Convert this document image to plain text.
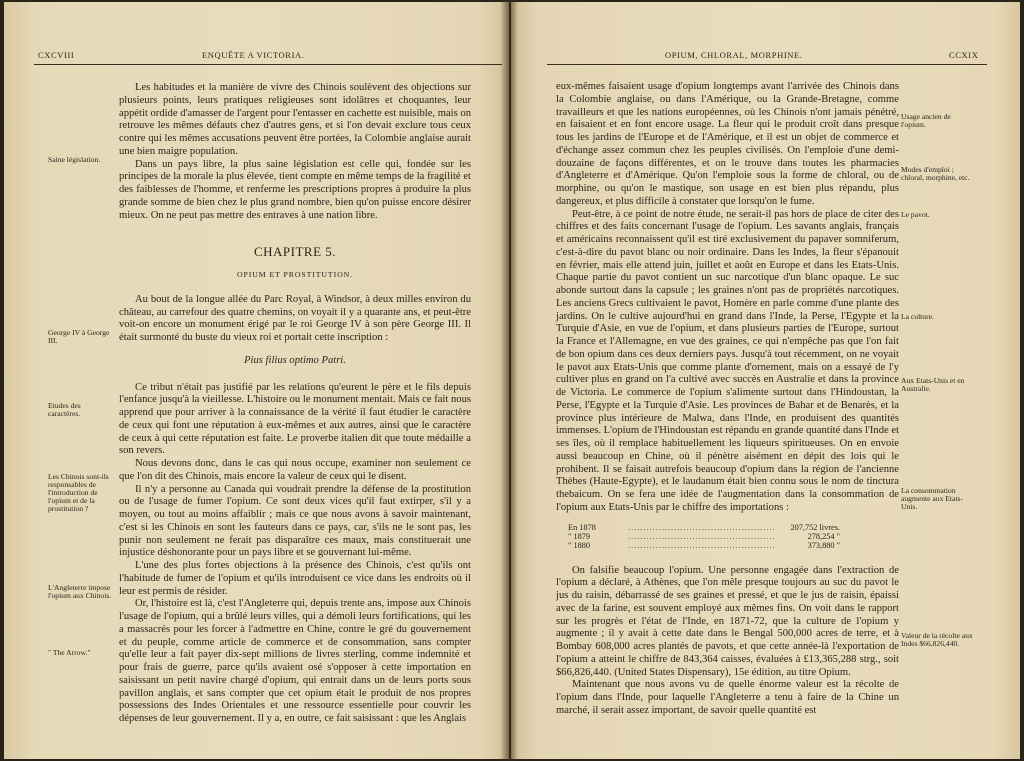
CXCVIII	ENQUÊTE A VICTORIA.

Les habitudes et la manière de vivre des Chinois soulèvent des objections sur plusieurs points, leurs pratiques religieuses sont idolâtres et choquantes, leur appétit ordide d'amasser de l'argent pour l'entasser en cachette est nuisible, mais on retrouve les mêmes défauts chez d'autres gens, et si l'on devait exclure tous ceux contre qui les mêmes accusations peuvent être portées, la Colombie anglaise aurait une bien maigre population.

Dans un pays libre, la plus saine législation est celle qui, fondée sur les principes de la morale la plus élevée, tient compte en même temps de la fragilité et des faiblesses de l'homme, et renferme les prescriptions propres à produire la plus grande somme de bien chez le plus grand nombre, bien qu'on puisse encore désirer mieux. On ne peut pas mettre des entraves à une nation libre.

CHAPITRE 5.
OPIUM ET PROSTITUTION.

Au bout de la longue allée du Parc Royal, à Windsor, à deux milles environ du château, au carrefour des quatre chemins, on voyait il y a quarante ans, et peut-être voit-on encore un monument érigé par le roi George IV à son père George III. Il était surmonté du buste du vieux roi et portait cette inscription :

Pius filius optimo Patri.

Ce tribut n'était pas justifié par les relations qu'eurent le père et le fils depuis l'enfance jusqu'à la vieillesse. L'histoire ou le monument mentait. Mais ce fait nous apprend que pour arriver à la connaissance de la vérité il faut étudier le caractère de ceux qui font une réputation à eux-mêmes et aux autres, ainsi que le caractère de ceux à qui cette réputation est faite. Le proverbe italien dit que toute médaille a son revers.

Nous devons donc, dans le cas qui nous occupe, examiner non seulement ce que l'on dit des Chinois, mais encore la valeur de ceux qui le disent.

Il n'y a personne au Canada qui voudrait prendre la défense de la prostitution ou de l'usage de fumer l'opium. Ce sont deux vices qu'il faut extirper, s'il y a moyen, ou tout au moins affaiblir ; mais ce que nous avons à savoir maintenant, c'est si les Chinois en sont les fauteurs dans ce pays, car, s'ils ne le sont pas, les punir non seulement ne ferait pas disparaître ces maux, mais constituerait une injustice déshonorante pour un pays libre et se gouvernant lui-même.

L'une des plus fortes objections à la présence des Chinois, c'est qu'ils ont l'habitude de fumer de l'opium et qu'ils introduisent ce vice dans les endroits où il leur est permis de résider.

Or, l'histoire est là, c'est l'Angleterre qui, depuis trente ans, impose aux Chinois l'usage de l'opium, qui a brûlé leurs villes, qui a démoli leurs fortifications, qui les a massacrés pour les forcer à l'admettre en Chine, contre le gré du gouvernement et du peuple, comme article de commerce et de consommation, sans compter qu'elle leur a fait payer dix-sept millions de livres sterling, comme indemnité et pour frais de guerre, parce qu'ils avaient osé s'opposer à cette importation en saisissant un petit navire chargé d'opium, qui entrait dans un de leurs ports sous pavillon anglais, et sans compter que cet opium était le produit de nos propres possessions des Indes Orientales et une ressource essentielle pour couvrir les dépenses de leur gouvernement. Il y a, en outre, ce fait saisissant : que les Anglais

Saine législation.
George IV à George III.
Etudes des caractères.
Les Chinois sont-ils responsables de l'introduction de l'opium et de la prostitution ?
L'Angleterre impose l'opium aux Chinois.
" The Arrow."
OPIUM, CHLORAL, MORPHINE.	CCXIX

eux-mêmes faisaient usage d'opium longtemps avant l'arrivée des Chinois dans la Colombie anglaise, ou dans l'Amérique, ou la Grande-Bretagne, comme travailleurs et que les nations européennes, où les Chinois n'ont jamais pénétré, en faisaient et en font encore usage. La fleur qui le produit croît dans presque tous les jardins de l'Europe et de l'Amérique, et il est un objet de commerce et d'échange assez commun chez les peuples civilisés. On l'emploie d'une demi-douzaine de façons différentes, et on le trouve dans toutes les pharmacies d'Angleterre et d'Amérique. Qu'on l'emploie sous la forme de chloral, ou de morphine, ou qu'on le mastique, son usage en est bien plus répandu, plus dangereux, et plus difficile à constater que lorsqu'on le fume.

Peut-être, à ce point de notre étude, ne serait-il pas hors de place de citer des chiffres et des faits concernant l'usage de l'opium. Les savants anglais, français et américains reconnaissent qu'il est tiré exclusivement du papaver somniferum, c'est-à-dire du pavot blanc ou noir ordinaire. Dans les Indes, la fleur s'épanouit en février, mais elle attend juin, juillet et août en Europe et dans les Etats-Unis. Chaque partie du pavot contient un suc narcotique d'un blanc opaque. Le suc abonde surtout dans la capsule ; les graines n'ont pas de propriétés narcotiques. Les anciens Grecs cultivaient le pavot, Homère en parle comme d'une plante des jardins. On le cultive aujourd'hui en grand dans l'Inde, la Perse, l'Egypte et la Turquie d'Asie, en vue de l'opium, et dans plusieurs parties de l'Europe, surtout la France et l'Allemagne, en vue des graines, ce qui n'empêche pas que l'on fait de bon opium dans ces deux derniers pays. Jusqu'à tout récemment, on ne voyait le pavot aux Etats-Unis que comme plante d'ornement, mais on a essayé de l'y cultiver plus en grand on l'a cultivé avec succès en Australie et dans la province de Victoria. Le commerce de l'opium s'alimente surtout dans l'Hindoustan, la Perse, l'Egypte et la Turquie d'Asie. Les provinces de Bahar et de Benarès, et la province plus intérieure de Malwa, dans l'Inde, en produisent des quantités immenses. L'opium de l'Hindoustan est répandu en grande quantité dans l'Inde et ses îles, où il remplace habituellement les liqueurs spiritueuses. On en envoie aussi beaucoup en Chine, où il pénètre aisément en dépit des lois qui le prohibent. Il se faisait autrefois beaucoup d'opium dans la région de l'ancienne Thèbes (Haute-Egypte), et le laudanum était bien connu sous le nom de tinctura thebaicum. On se fera une idée de l'augmentation dans la consommation de l'opium aux Etats-Unis par le chiffre des importations :

En 1878	................................................	207,752 livres.
" 1879	................................................	278,254 "
" 1880	................................................	373,880 "

On falsifie beaucoup l'opium. Une personne engagée dans l'extraction de l'opium a déclaré, à Athènes, que l'on mêle presque toujours au suc du pavot le jus du raisin, débarrassé de ses graines et pressé, et que le jus de raisin, épaissi avec de la farine, est souvent employé aux mêmes fins. On voit dans le rapport sur les progrès et l'état de l'Inde, en 1871-72, que la culture de l'opium y augmente ; il y avait à cette date dans le Bengal 500,000 acres de terre, et à Bombay 608,000 acres plantés de pavots, et que cette année-là l'exportation de l'opium a atteint le chiffre de 843,364 caisses, évaluées à £13,365,288 strg., soit $66,826,440. (United States Dispensary), 15e édition, au titre Opium.

Maintenant que nous avons vu de quelle énorme valeur est la récolte de l'opium dans l'Inde, pour laquelle l'Angleterre a tenu à faire de la Chine un marché, il serait assez important, de savoir quelle quantité est

Usage ancien de l'opium.
Modes d'emploi ; chloral, morphine, etc.
Le pavot.
La culture.
Aux Etats-Unis et en Australie.
La consommation augmente aux Etats-Unis.
Valeur de la récolte aux Indes $66,826,440.
